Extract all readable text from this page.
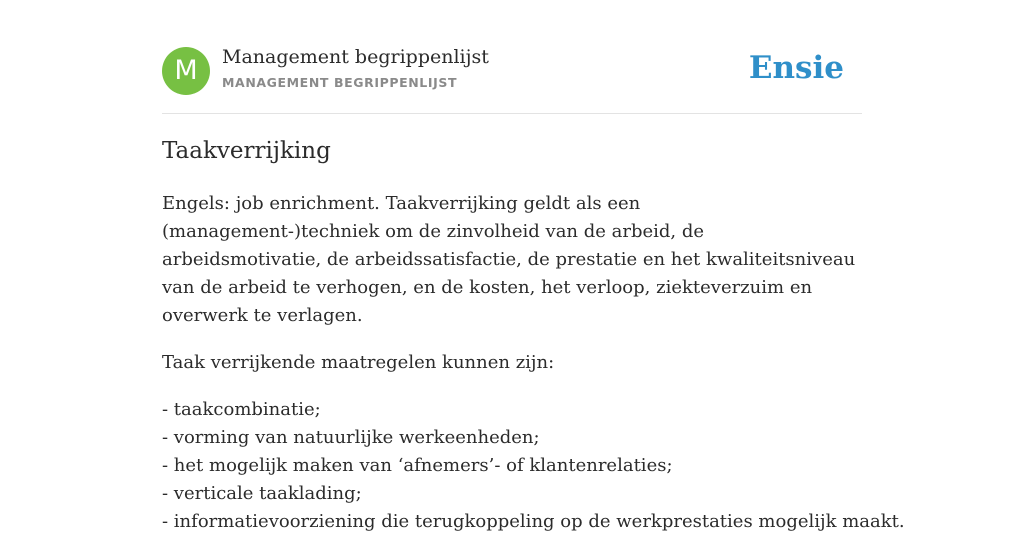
M	Management begrippenlijst
MANAGEMENT BEGRIPPENLIJST	Ensie
Taakverrijking

Engels: job enrichment. Taakverrijking geldt als een (management-)techniek om de zinvolheid van de arbeid, de arbeidsmotivatie, de arbeidssatisfactie, de prestatie en het kwaliteitsniveau van de arbeid te verhogen, en de kosten, het verloop, ziekteverzuim en overwerk te verlagen.

Taak verrijkende maatregelen kunnen zijn:

- taakcombinatie;
- vorming van natuurlijke werkeenheden;
- het mogelijk maken van ‘afnemers’- of klantenrelaties;
- verticale taaklading;
- informatievoorziening die terugkoppeling op de werkprestaties mogelijk maakt.
